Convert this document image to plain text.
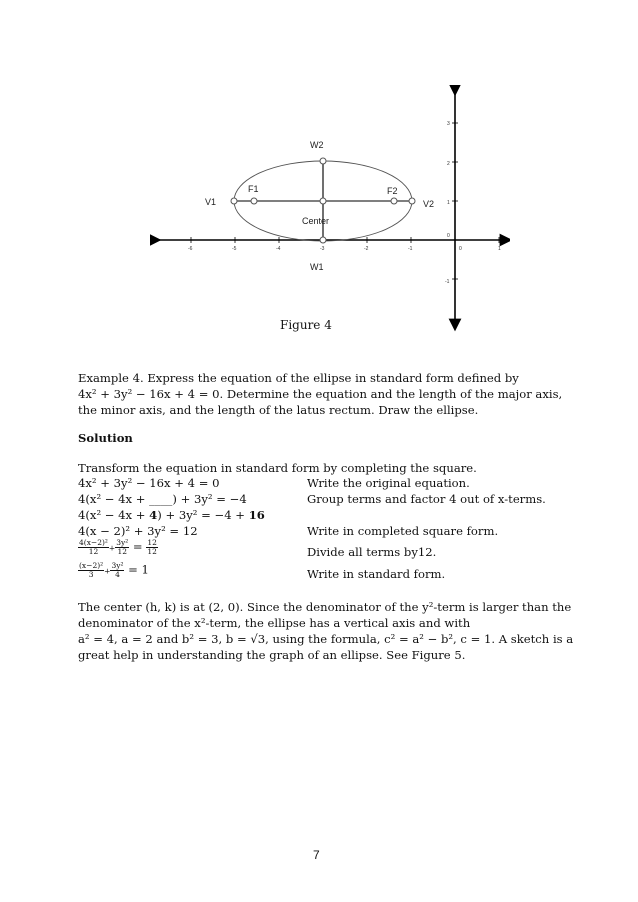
-6	-5	-4	-3	-2	-1	0	1
3
2
1
0
-1
V1
F1	F2
V2
W2
Center
W1
Figure 4
Example 4. Express the equation of the ellipse in standard form defined by
4x² + 3y² − 16x + 4 = 0. Determine the equation and the length of the major axis,
the minor axis, and the length of the latus rectum. Draw the ellipse.
Solution
Transform the equation in standard form by completing the square.
4x² + 3y² − 16x + 4 = 0	Write the original equation.
4(x² − 4x + ____) + 3y² = −4	Group terms and factor 4 out of x-terms.
4(x² − 4x + 4) + 3y² = −4 + 16
4(x − 2)² + 3y² = 12	Write in completed square form.
$\frac{\text{4(x−2)²}}{12} + \frac{\text{3y²}}{12} = \frac{12}{12}$	Divide all terms by12.
$\frac{\text{(x−2)²}}{3} + \frac{\text{3y²}}{4} = 1$	Write in standard form.
The center (h, k) is at (2, 0). Since the denominator of the y²-term is larger than the
denominator of the x²-term, the ellipse has a vertical axis and with
a² = 4, a = 2 and b² = 3, b = √3, using the formula, c² = a² − b², c = 1. A sketch is a
great help in understanding the graph of an ellipse. See Figure 5.
7
